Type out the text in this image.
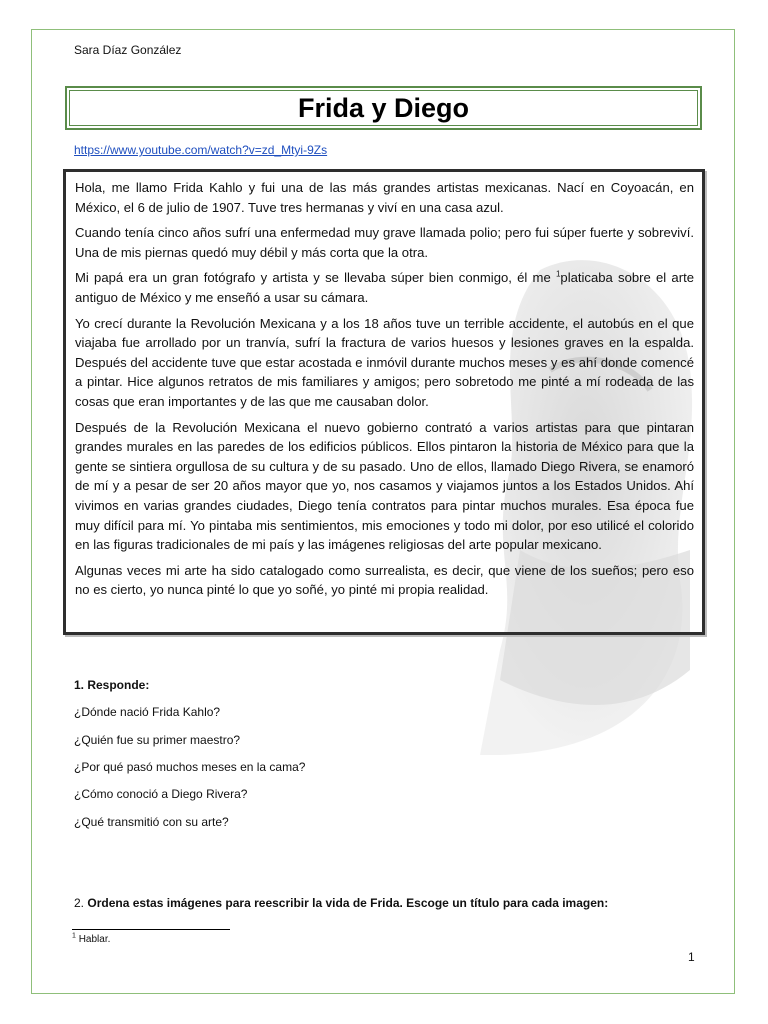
Sara Díaz González
Frida y Diego
https://www.youtube.com/watch?v=zd_Mtyi-9Zs

Hola, me llamo Frida Kahlo y fui una de las más grandes artistas mexicanas. Nací en Coyoacán, en México, el 6 de julio de 1907. Tuve tres hermanas y viví en una casa azul.

Cuando tenía cinco años sufrí una enfermedad muy grave llamada polio; pero fui súper fuerte y sobreviví. Una de mis piernas quedó muy débil y más corta que la otra.

Mi papá era un gran fotógrafo y artista y se llevaba súper bien conmigo, él me $^1$platicaba sobre el arte antiguo de México y me enseñó a usar su cámara.

Yo crecí durante la Revolución Mexicana y a los 18 años tuve un terrible accidente, el autobús en el que viajaba fue arrollado por un tranvía, sufrí la fractura de varios huesos y lesiones graves en la espalda. Después del accidente tuve que estar acostada e inmóvil durante muchos meses y es ahí donde comencé a pintar. Hice algunos retratos de mis familiares y amigos; pero sobretodo me pinté a mí rodeada de las cosas que eran importantes y de las que me causaban dolor.

Después de la Revolución Mexicana el nuevo gobierno contrató a varios artistas para que pintaran grandes murales en las paredes de los edificios públicos. Ellos pintaron la historia de México para que la gente se sintiera orgullosa de su cultura y de su pasado. Uno de ellos, llamado Diego Rivera, se enamoró de mí y a pesar de ser 20 años mayor que yo, nos casamos y viajamos juntos a los Estados Unidos. Ahí vivimos en varias grandes ciudades, Diego tenía contratos para pintar muchos murales. Esa época fue muy difícil para mí. Yo pintaba mis sentimientos, mis emociones y todo mi dolor, por eso utilicé el colorido en las figuras tradicionales de mi país y las imágenes religiosas del arte popular mexicano.

Algunas veces mi arte ha sido catalogado como surrealista, es decir, que viene de los sueños; pero eso no es cierto, yo nunca pinté lo que yo soñé, yo pinté mi propia realidad.

1. Responde:
¿Dónde nació Frida Kahlo?
¿Quién fue su primer maestro?
¿Por qué pasó muchos meses en la cama?
¿Cómo conoció a Diego Rivera?
¿Qué transmitió con su arte?
2. Ordena estas imágenes para reescribir la vida de Frida. Escoge un título para cada imagen:
$^1$ Hablar.
1
